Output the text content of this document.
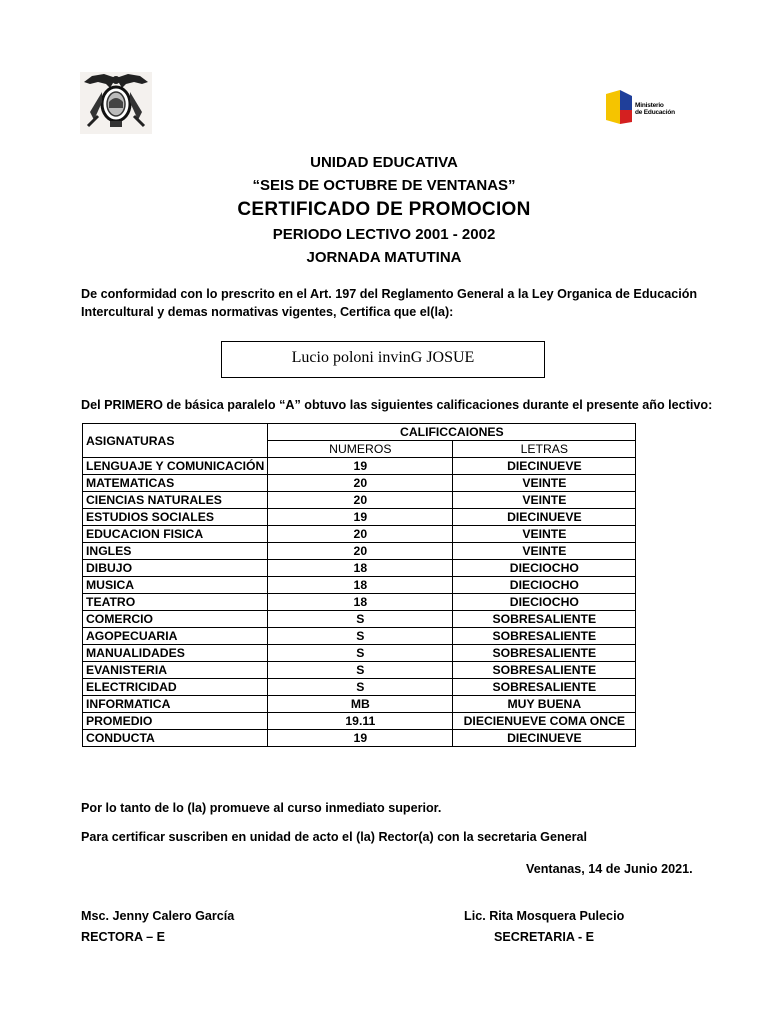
Ministerio
de Educación
UNIDAD EDUCATIVA
“SEIS DE OCTUBRE DE VENTANAS”
CERTIFICADO DE PROMOCION
PERIODO LECTIVO 2001 - 2002
JORNADA MATUTINA
De conformidad con lo prescrito en el Art. 197 del Reglamento General a la Ley Organica de Educación Intercultural y demas normativas vigentes, Certifica que el(la):
Lucio poloni invinG JOSUE
Del PRIMERO de básica paralelo “A” obtuvo las siguientes calificaciones durante el presente año lectivo:
ASIGNATURAS	CALIFICCAIONES	
	NUMEROS	LETRAS
LENGUAJE Y COMUNICACIÓN	19	DIECINUEVE
MATEMATICAS	20	VEINTE
CIENCIAS NATURALES	20	VEINTE
ESTUDIOS SOCIALES	19	DIECINUEVE
EDUCACION FISICA	20	VEINTE
INGLES	20	VEINTE
DIBUJO	18	DIECIOCHO
MUSICA	18	DIECIOCHO
TEATRO	18	DIECIOCHO
COMERCIO	S	SOBRESALIENTE
AGOPECUARIA	S	SOBRESALIENTE
MANUALIDADES	S	SOBRESALIENTE
EVANISTERIA	S	SOBRESALIENTE
ELECTRICIDAD	S	SOBRESALIENTE
INFORMATICA	MB	MUY BUENA
PROMEDIO	19.11	DIECIENUEVE COMA ONCE
CONDUCTA	19	DIECINUEVE
Por lo tanto de lo (la) promueve al curso inmediato superior.
Para certificar suscriben en unidad de acto el (la) Rector(a) con la secretaria General
Ventanas, 14 de Junio 2021.
Msc. Jenny Calero García
RECTORA – E
Lic. Rita Mosquera Pulecio
SECRETARIA - E
